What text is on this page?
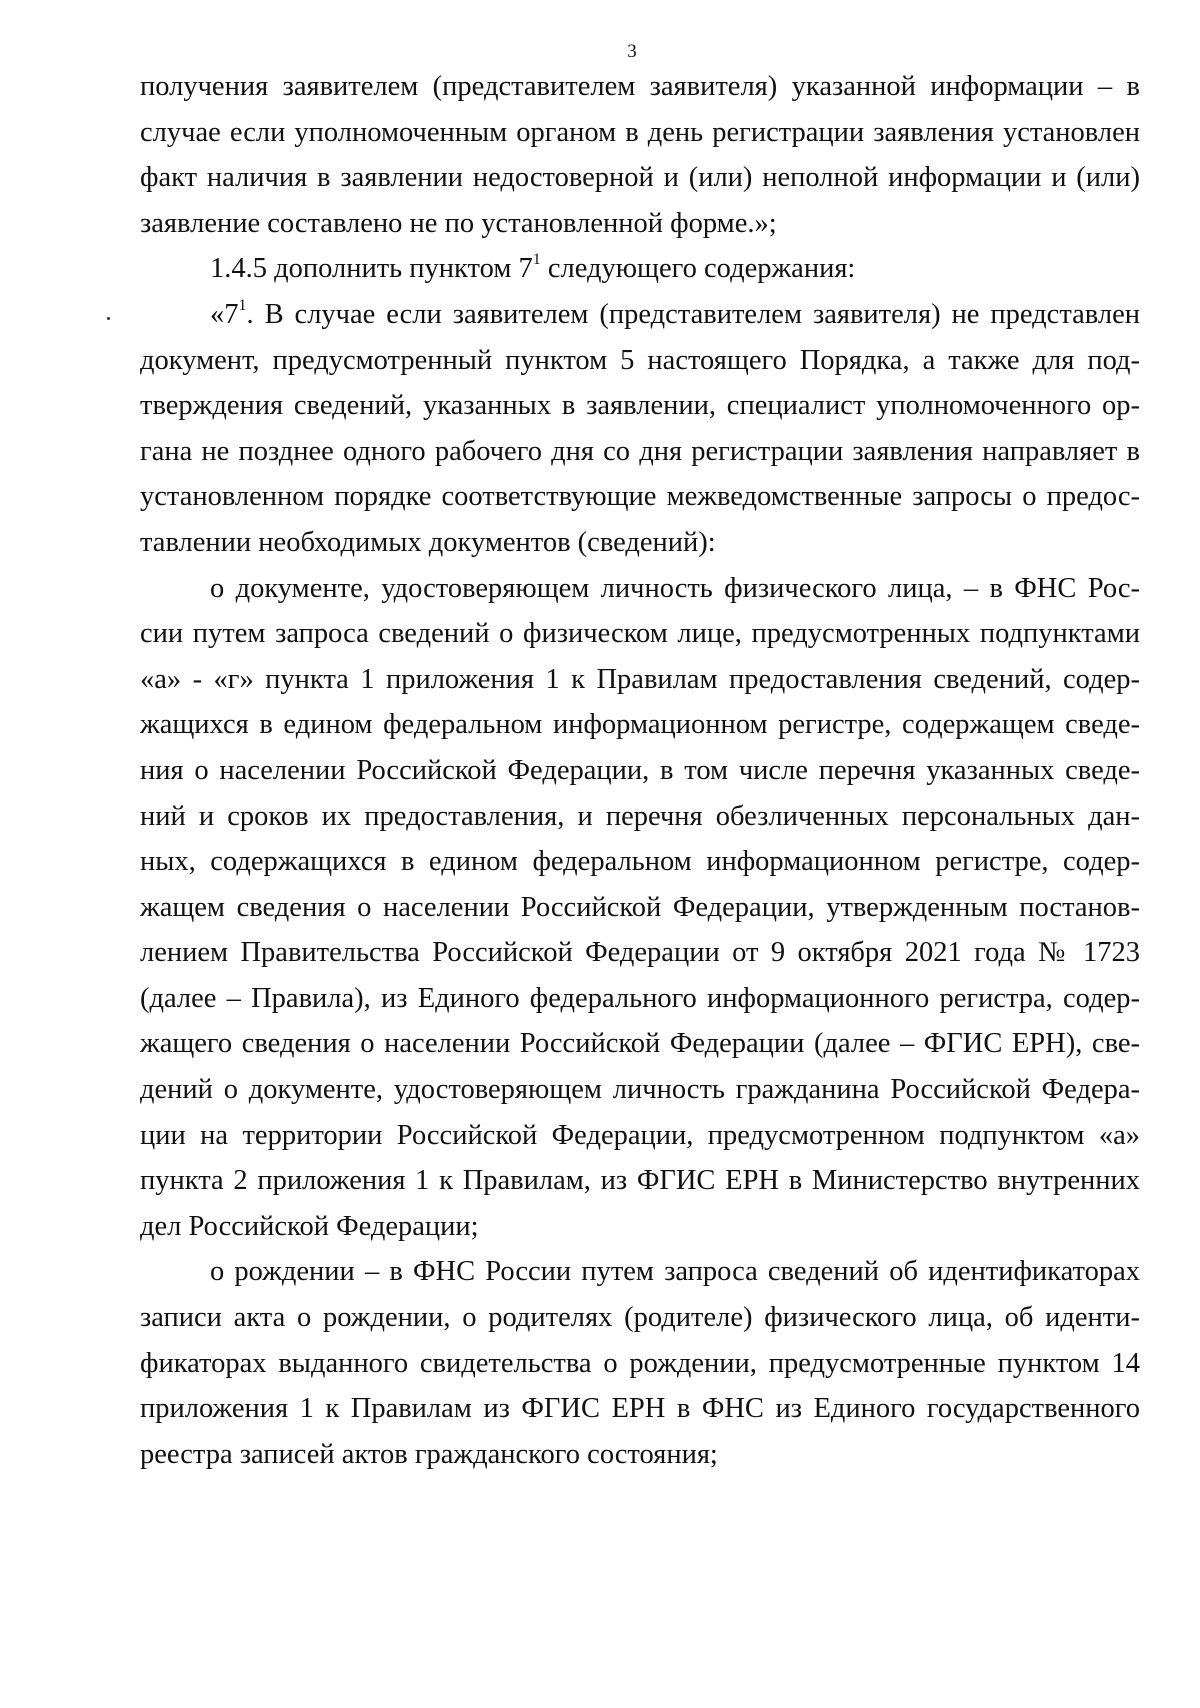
3
получения заявителем (представителем заявителя) указанной информации – в
случае если уполномоченным органом в день регистрации заявления установлен
факт наличия в заявлении недостоверной и (или) неполной информации и (или)
заявление составлено не по установленной форме.»;
1.4.5 дополнить пунктом $7^1$ следующего содержания:
«$7^1$. В случае если заявителем (представителем заявителя) не представлен
документ, предусмотренный пунктом 5 настоящего Порядка, а также для под-
тверждения сведений, указанных в заявлении, специалист уполномоченного ор-
гана не позднее одного рабочего дня со дня регистрации заявления направляет в
установленном порядке соответствующие межведомственные запросы о предос-
тавлении необходимых документов (сведений):
о документе, удостоверяющем личность физического лица, – в ФНС Рос-
сии путем запроса сведений о физическом лице, предусмотренных подпунктами
«а» - «г» пункта 1 приложения 1 к Правилам предоставления сведений, содер-
жащихся в едином федеральном информационном регистре, содержащем сведе-
ния о населении Российской Федерации, в том числе перечня указанных сведе-
ний и сроков их предоставления, и перечня обезличенных персональных дан-
ных, содержащихся в едином федеральном информационном регистре, содер-
жащем сведения о населении Российской Федерации, утвержденным постанов-
лением Правительства Российской Федерации от 9 октября 2021 года № 1723
(далее – Правила), из Единого федерального информационного регистра, содер-
жащего сведения о населении Российской Федерации (далее – ФГИС ЕРН), све-
дений о документе, удостоверяющем личность гражданина Российской Федера-
ции на территории Российской Федерации, предусмотренном подпунктом «а»
пункта 2 приложения 1 к Правилам, из ФГИС ЕРН в Министерство внутренних
дел Российской Федерации;
о рождении – в ФНС России путем запроса сведений об идентификаторах
записи акта о рождении, о родителях (родителе) физического лица, об иденти-
фикаторах выданного свидетельства о рождении, предусмотренные пунктом 14
приложения 1 к Правилам из ФГИС ЕРН в ФНС из Единого государственного
реестра записей актов гражданского состояния;
